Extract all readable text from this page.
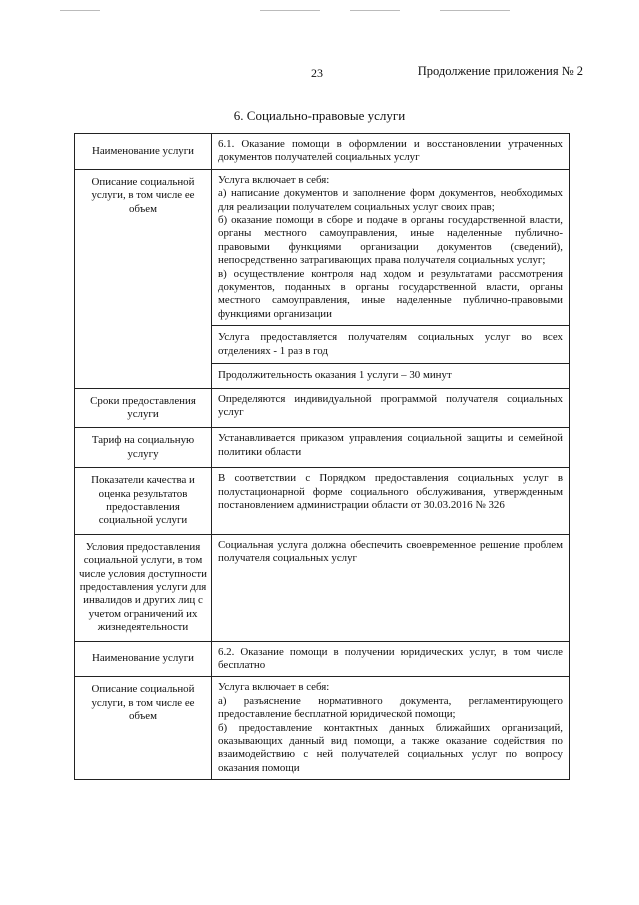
23	Продолжение приложения № 2
6. Социально-правовые услуги
Наименование услуги	6.1. Оказание помощи в оформлении и восстановлении утраченных документов получателей социальных услуг
Описание социальной услуги, в том числе ее объем	Услуга включает в себя:
а) написание документов и заполнение форм документов, необходимых для реализации получателем социальных услуг своих прав;
б) оказание помощи в сборе и подаче в органы государственной власти, органы местного самоуправления, иные наделенные публично-правовыми функциями организации документов (сведений), непосредственно затрагивающих права получателя социальных услуг;
в) осуществление контроля над ходом и результатами рассмотрения документов, поданных в органы государственной власти, органы местного самоуправления, иные наделенные публично-правовыми функциями организации

	Услуга предоставляется получателям социальных услуг во всех отделениях - 1 раз в год
	Продолжительность оказания 1 услуги – 30 минут
Сроки предоставления услуги	Определяются индивидуальной программой получателя социальных услуг
Тариф на социальную услугу	Устанавливается приказом управления социальной защиты и семейной политики области
Показатели качества и оценка результатов предоставления социальной услуги	В соответствии с Порядком предоставления социальных услуг в полустационарной форме социального обслуживания, утвержденным постановлением администрации области от 30.03.2016 № 326
Условия предоставления социальной услуги, в том числе условия доступности предоставления услуги для инвалидов и других лиц с учетом ограничений их жизнедеятельности	Социальная услуга должна обеспечить своевременное решение проблем получателя социальных услуг
Наименование услуги	6.2. Оказание помощи в получении юридических услуг, в том числе бесплатно
Описание социальной услуги, в том числе ее объем	Услуга включает в себя:
а) разъяснение нормативного документа, регламентирующего предоставление бесплатной юридической помощи;
б) предоставление контактных данных ближайших организаций, оказывающих данный вид помощи, а также оказание содействия по взаимодействию с ней получателей социальных услуг по вопросу оказания помощи
